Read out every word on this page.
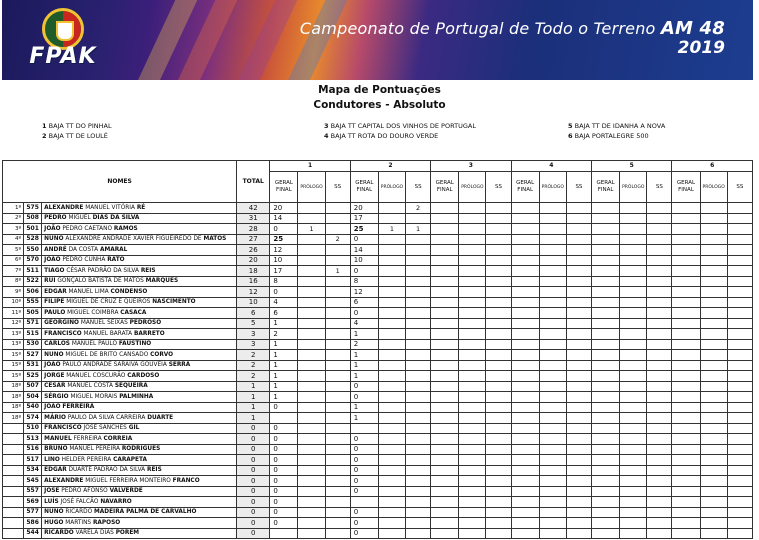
FPAK
Campeonato de Portugal de Todo o Terreno AM 48
2019
Mapa de Pontuações
Condutores - Absoluto
1 BAJA TT DO PINHAL
2 BAJA TT DE LOULÉ
3 BAJA TT CAPITAL DOS VINHOS DE PORTUGAL
4 BAJA TT ROTA DO DOURO VERDE
5 BAJA TT DE IDANHA A NOVA
6 BAJA PORTALEGRE 500
NOMES			TOTAL	1			2			3			4			5			6		
				GERAL FINAL	PRÓLOGO	SS	GERAL FINAL	PRÓLOGO	SS	GERAL FINAL	PRÓLOGO	SS	GERAL FINAL	PRÓLOGO	SS	GERAL FINAL	PRÓLOGO	SS	GERAL FINAL	PRÓLOGO	SS
1º	575	ALEXANDRE MANUEL VITÓRIA RÉ	42	20			20		2												
2º	508	PEDRO MIGUEL DIAS DA SILVA	31	14			17														
3º	501	JOÃO PEDRO CAETANO RAMOS	28	0	1		25	1	1												
4º	528	NUNO ALEXANDRE ANDRADE XAVIER FIGUEIREDO DE MATOS	27	25		2	0														
5º	550	ANDRÉ DA COSTA AMARAL	26	12			14														
6º	570	JOÃO PEDRO CUNHA RATO	20	10			10														
7º	511	TIAGO CÉSAR PADRÃO DA SILVA REIS	18	17		1	0														
8º	522	RUI GONÇALO BATISTA DE MATOS MARQUES	16	8			8														
9º	506	EDGAR MANUEL LIMA CONDENSO	12	0			12														
10º	555	FILIPE MIGUEL DE CRUZ E QUEIRÓS NASCIMENTO	10	4			6														
11º	505	PAULO MIGUEL COIMBRA CASACA	6	6			0														
12º	571	GEORGINO MANUEL SEIXAS PEDROSO	5	1			4														
13º	515	FRANCISCO MANUEL BARATA BARRETO	3	2			1														
13º	530	CARLOS MANUEL PAULO FAUSTINO	3	1			2														
15º	527	NUNO MIGUEL DE BRITO CANSADO CORVO	2	1			1														
15º	531	JOÃO PAULO ANDRADE SARAIVA GOUVEIA SERRA	2	1			1														
15º	525	JORGE MANUEL COSCURÃO CARDOSO	2	1			1														
18º	507	CÉSAR MANUEL COSTA SEQUEIRA	1	1			0														
18º	504	SÉRGIO MIGUEL MORAIS PALMINHA	1	1			0														
18º	540	JOÃO FERREIRA	1	0			1														
18º	574	MÁRIO PAULO DA SILVA CARREIRA DUARTE	1				1														
	510	FRANCISCO JOSÉ SANCHES GIL	0	0																	
	513	MANUEL FERREIRA CORREIA	0	0			0														
	516	BRUNO MANUEL PEREIRA RODRIGUES	0	0			0														
	517	LINO HELDER PEREIRA CARAPETA	0	0			0														
	534	EDGAR DUARTE PADRÃO DA SILVA REIS	0	0			0														
	545	ALEXANDRE MIGUEL FERREIRA MONTEIRO FRANCO	0	0			0														
	557	JOSÉ PEDRO AFONSO VALVERDE	0	0			0														
	569	LUÍS JOSÉ FALCÃO NAVARRO	0	0																	
	577	NUNO RICARDO MADEIRA PALMA DE CARVALHO	0	0			0														
	586	HUGO MARTINS RAPOSO	0	0			0														
	544	RICARDO VARELA DIAS PORÉM	0				0														
